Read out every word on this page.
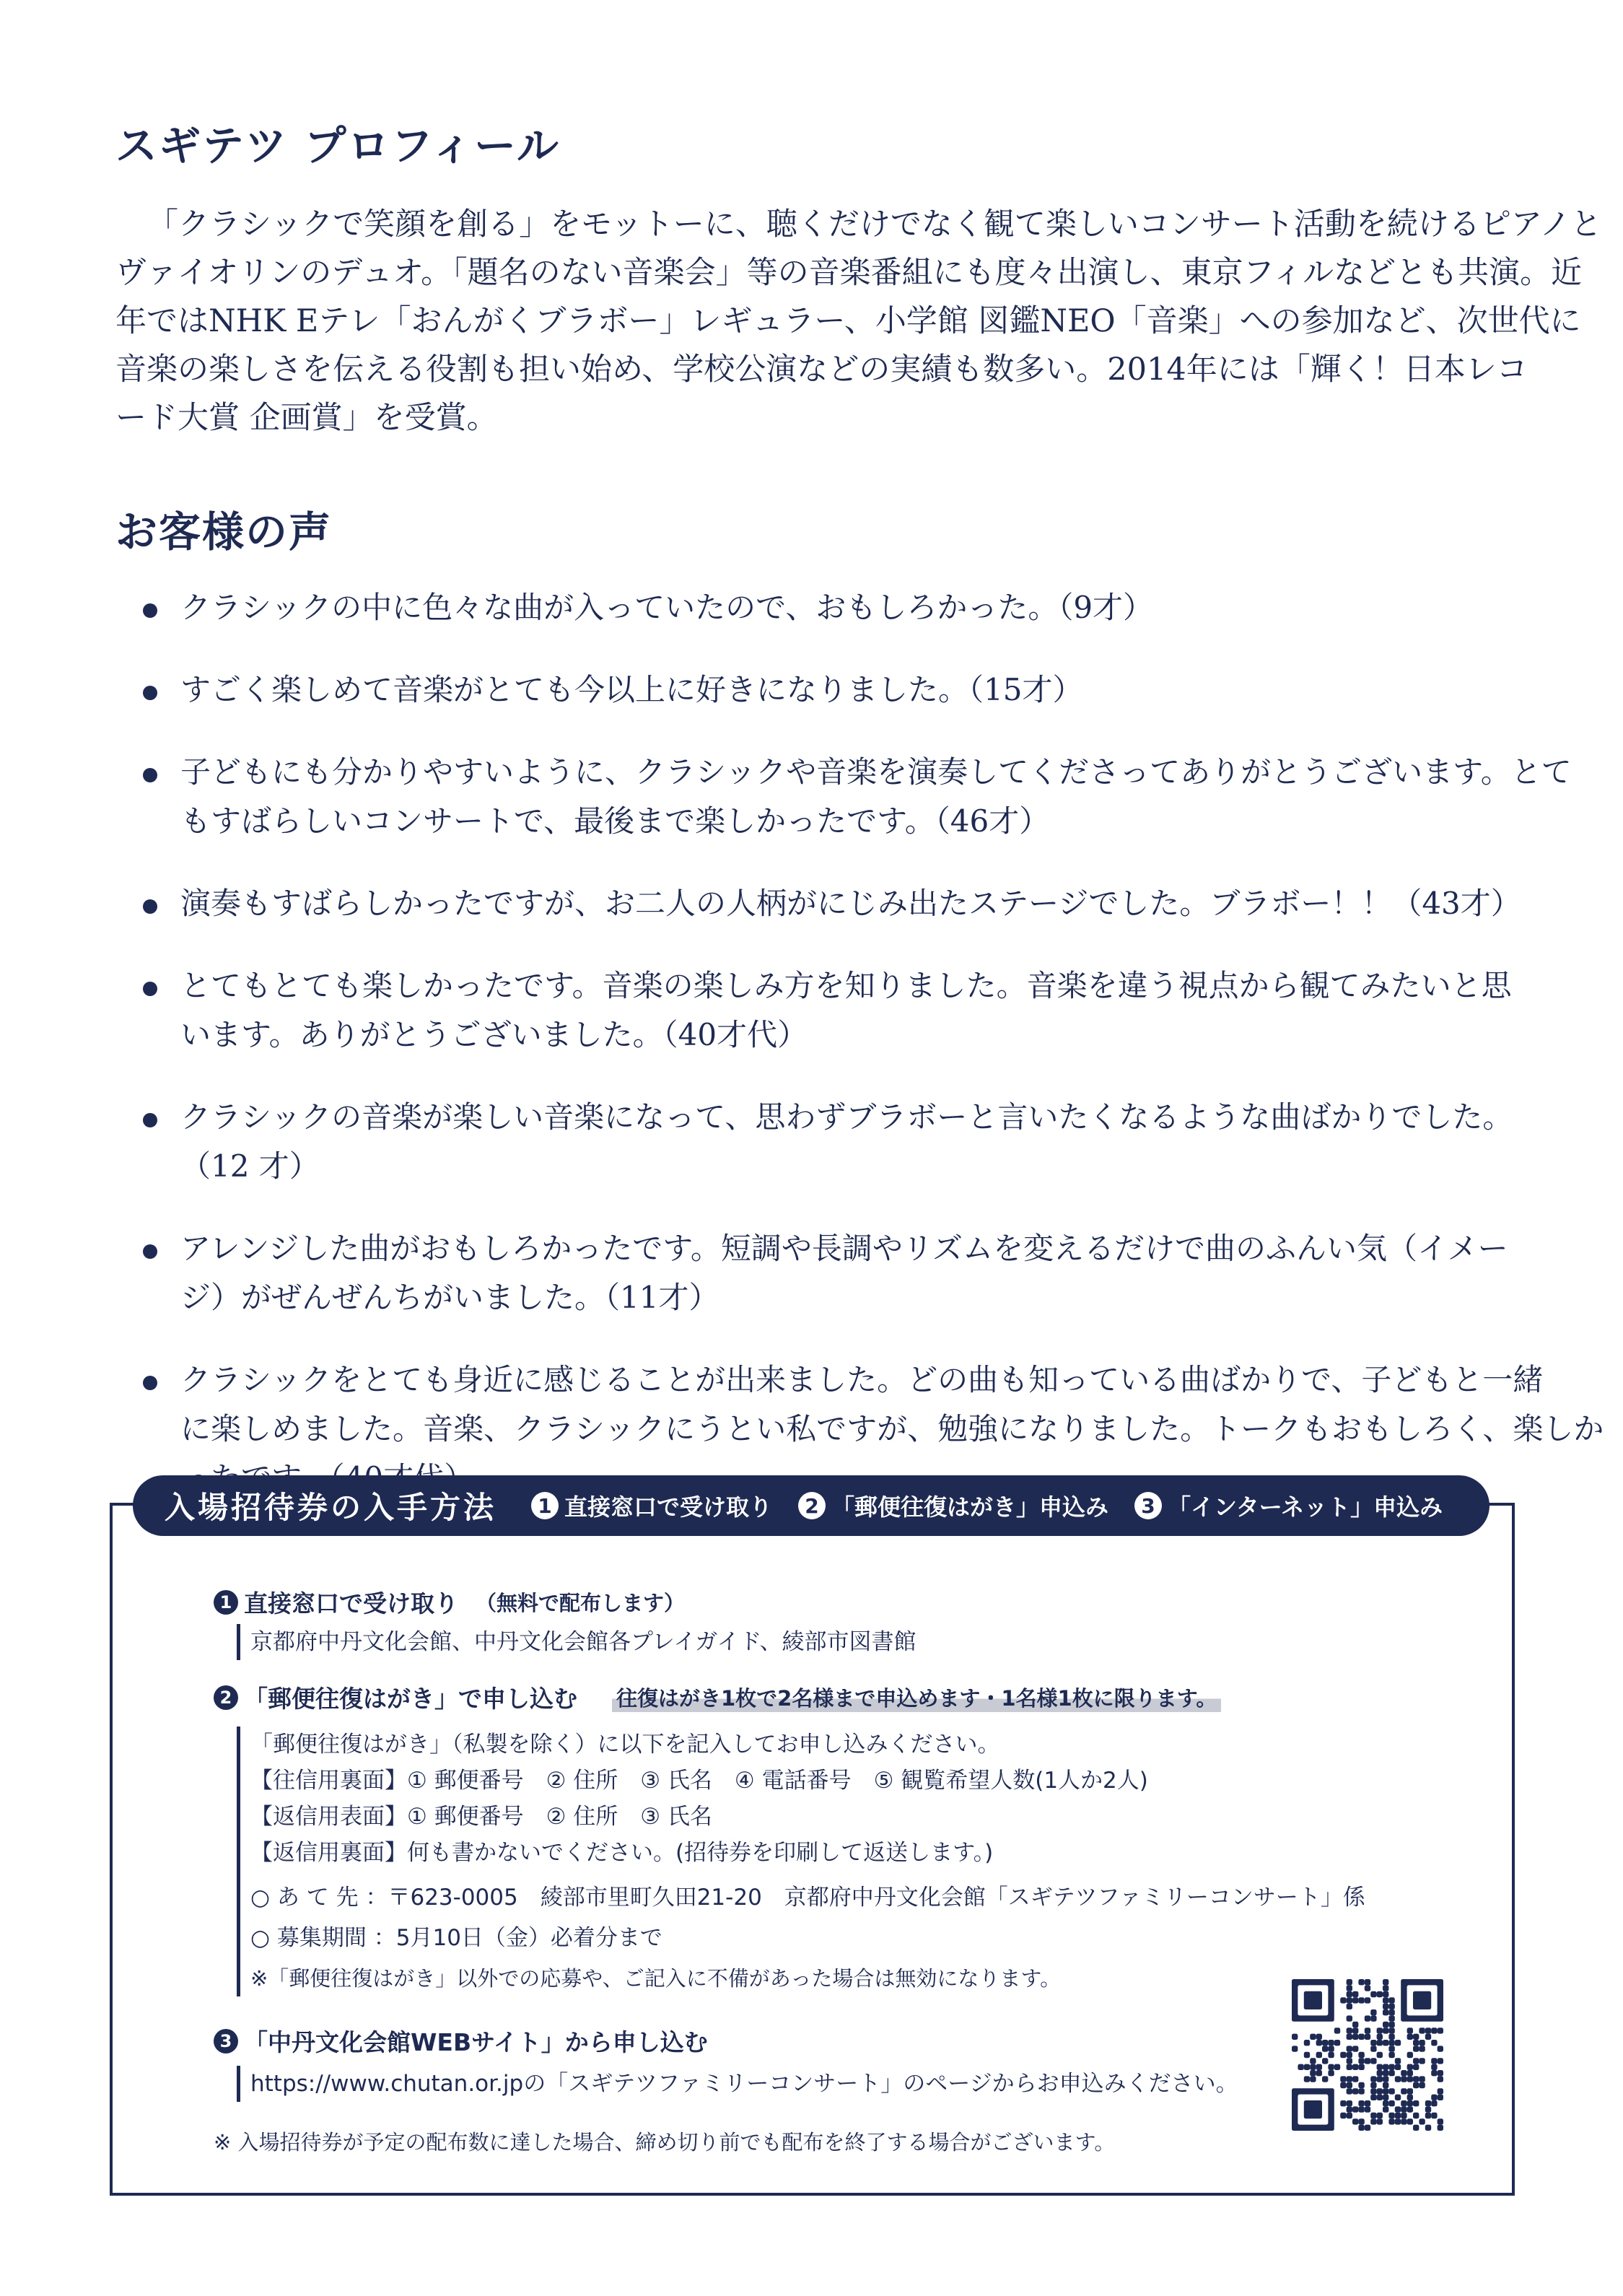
スギテツ プロフィール
「クラシックで笑顔を創る」をモットーに、聴くだけでなく観て楽しいコンサート活動を続けるピアノと
ヴァイオリンのデュオ。「題名のない音楽会」等の音楽番組にも度々出演し、東京フィルなどとも共演。近
年ではNHK Eテレ「おんがくブラボー」レギュラー、小学館 図鑑NEO「音楽」への参加など、次世代に
音楽の楽しさを伝える役割も担い始め、学校公演などの実績も数多い。2014年には「輝く！日本レコ
ード大賞 企画賞」を受賞。
お客様の声
クラシックの中に色々な曲が入っていたので、おもしろかった。（9才）
すごく楽しめて音楽がとても今以上に好きになりました。（15才）
子どもにも分かりやすいように、クラシックや音楽を演奏してくださってありがとうございます。とて
もすばらしいコンサートで、最後まで楽しかったです。（46才）
演奏もすばらしかったですが、お二人の人柄がにじみ出たステージでした。ブラボー！！（43才）
とてもとても楽しかったです。音楽の楽しみ方を知りました。音楽を違う視点から観てみたいと思
います。ありがとうございました。（40才代）
クラシックの音楽が楽しい音楽になって、思わずブラボーと言いたくなるような曲ばかりでした。
（12 才）
アレンジした曲がおもしろかったです。短調や長調やリズムを変えるだけで曲のふんい気（イメー
ジ）がぜんぜんちがいました。（11才）
クラシックをとても身近に感じることが出来ました。どの曲も知っている曲ばかりで、子どもと一緒
に楽しめました。音楽、クラシックにうとい私ですが、勉強になりました。トークもおもしろく、楽しか
入場招待券の入手方法	1 直接窓口で受け取り	2 「郵便往復はがき」申込み	3 「インターネット」申込み
1 直接窓口で受け取り （無料で配布します）
京都府中丹文化会館、中丹文化会館各プレイガイド、綾部市図書館
2 「郵便往復はがき」で申し込む 往復はがき1枚で2名様まで申込めます・1名様1枚に限ります。
「郵便往復はがき」（私製を除く）に以下を記入してお申し込みください。
【往信用裏面】① 郵便番号　② 住所　③ 氏名　④ 電話番号　⑤ 観覧希望人数(1人か2人)
【返信用表面】① 郵便番号　② 住所　③ 氏名
【返信用裏面】何も書かないでください。(招待券を印刷して返送します。)
○ あ て 先 ：〒623-0005　綾部市里町久田21-20　京都府中丹文化会館「スギテツファミリーコンサート」係
○ 募集期間 ：5月10日（金）必着分まで
※「郵便往復はがき」以外での応募や、ご記入に不備があった場合は無効になります。
3 「中丹文化会館WEBサイト」から申し込む
https://www.chutan.or.jpの「スギテツファミリーコンサート」のページからお申込みください。
※ 入場招待券が予定の配布数に達した場合、締め切り前でも配布を終了する場合がございます。
